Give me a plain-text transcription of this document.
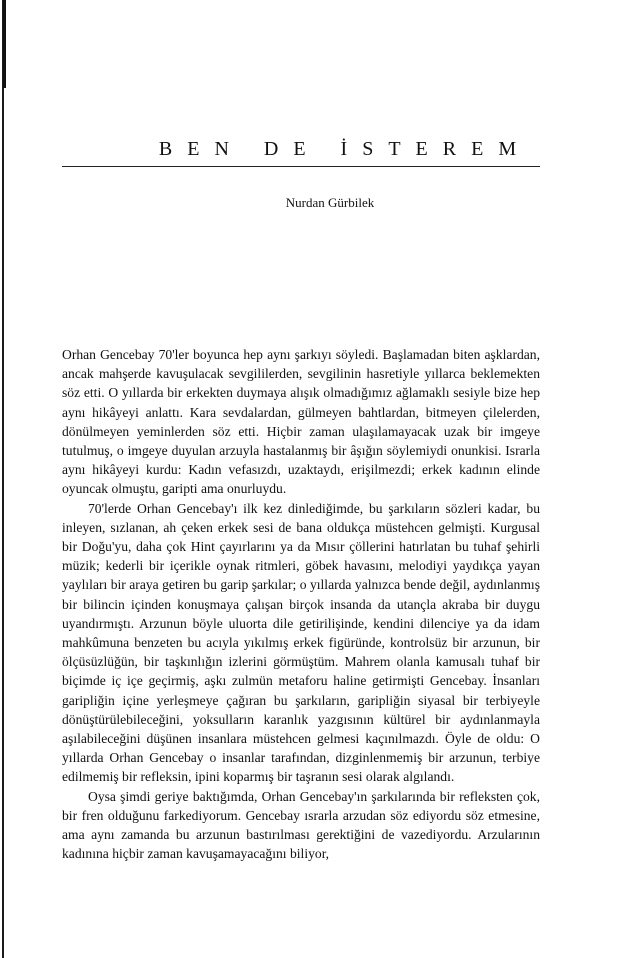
BEN DE İSTEREM

Nurdan Gürbilek

Orhan Gencebay 70'ler boyunca hep aynı şarkıyı söyledi. Başlamadan biten aşklardan, ancak mahşerde kavuşulacak sevgililerden, sevgilinin hasretiyle yıllarca beklemekten söz etti. O yıllarda bir erkekten duymaya alışık olmadığımız ağlamaklı sesiyle bize hep aynı hikâyeyi anlattı. Kara sevdalardan, gülmeyen bahtlardan, bitmeyen çilelerden, dönülmeyen yeminlerden söz etti. Hiçbir zaman ulaşılamayacak uzak bir imgeye tutulmuş, o imgeye duyulan arzuyla hastalanmış bir âşığın söylemiydi onunkisi. Israrla aynı hikâyeyi kurdu: Kadın vefasızdı, uzaktaydı, erişilmezdi; erkek kadının elinde oyuncak olmuştu, garipti ama onurluydu.

70'lerde Orhan Gencebay'ı ilk kez dinlediğimde, bu şarkıların sözleri kadar, bu inleyen, sızlanan, ah çeken erkek sesi de bana oldukça müstehcen gelmişti. Kurgusal bir Doğu'yu, daha çok Hint çayırlarını ya da Mısır çöllerini hatırlatan bu tuhaf şehirli müzik; kederli bir içerikle oynak ritmleri, göbek havasını, melodiyi yaydıkça yayan yaylıları bir araya getiren bu garip şarkılar; o yıllarda yalnızca bende değil, aydınlanmış bir bilincin içinden konuşmaya çalışan birçok insanda da utançla akraba bir duygu uyandırmıştı. Arzunun böyle uluorta dile getirilişinde, kendini dilenciye ya da idam mahkûmuna benzeten bu acıyla yıkılmış erkek figüründe, kontrolsüz bir arzunun, bir ölçüsüzlüğün, bir taşkınlığın izlerini görmüştüm. Mahrem olanla kamusalı tuhaf bir biçimde iç içe geçirmiş, aşkı zulmün metaforu haline getirmişti Gencebay. İnsanları garipliğin içine yerleşmeye çağıran bu şarkıların, garipliğin siyasal bir terbiyeyle dönüştürülebileceğini, yoksulların karanlık yazgısının kültürel bir aydınlanmayla aşılabileceğini düşünen insanlara müstehcen gelmesi kaçınılmazdı. Öyle de oldu: O yıllarda Orhan Gencebay o insanlar tarafından, dizginlenmemiş bir arzunun, terbiye edilmemiş bir refleksin, ipini koparmış bir taşranın sesi olarak algılandı.

Oysa şimdi geriye baktığımda, Orhan Gencebay'ın şarkılarında bir refleksten çok, bir fren olduğunu farkediyorum. Gencebay ısrarla arzudan söz ediyordu söz etmesine, ama aynı zamanda bu arzunun bastırılması gerektiğini de vazediyordu. Arzularının kadınına hiçbir zaman kavuşamayacağını biliyor,
